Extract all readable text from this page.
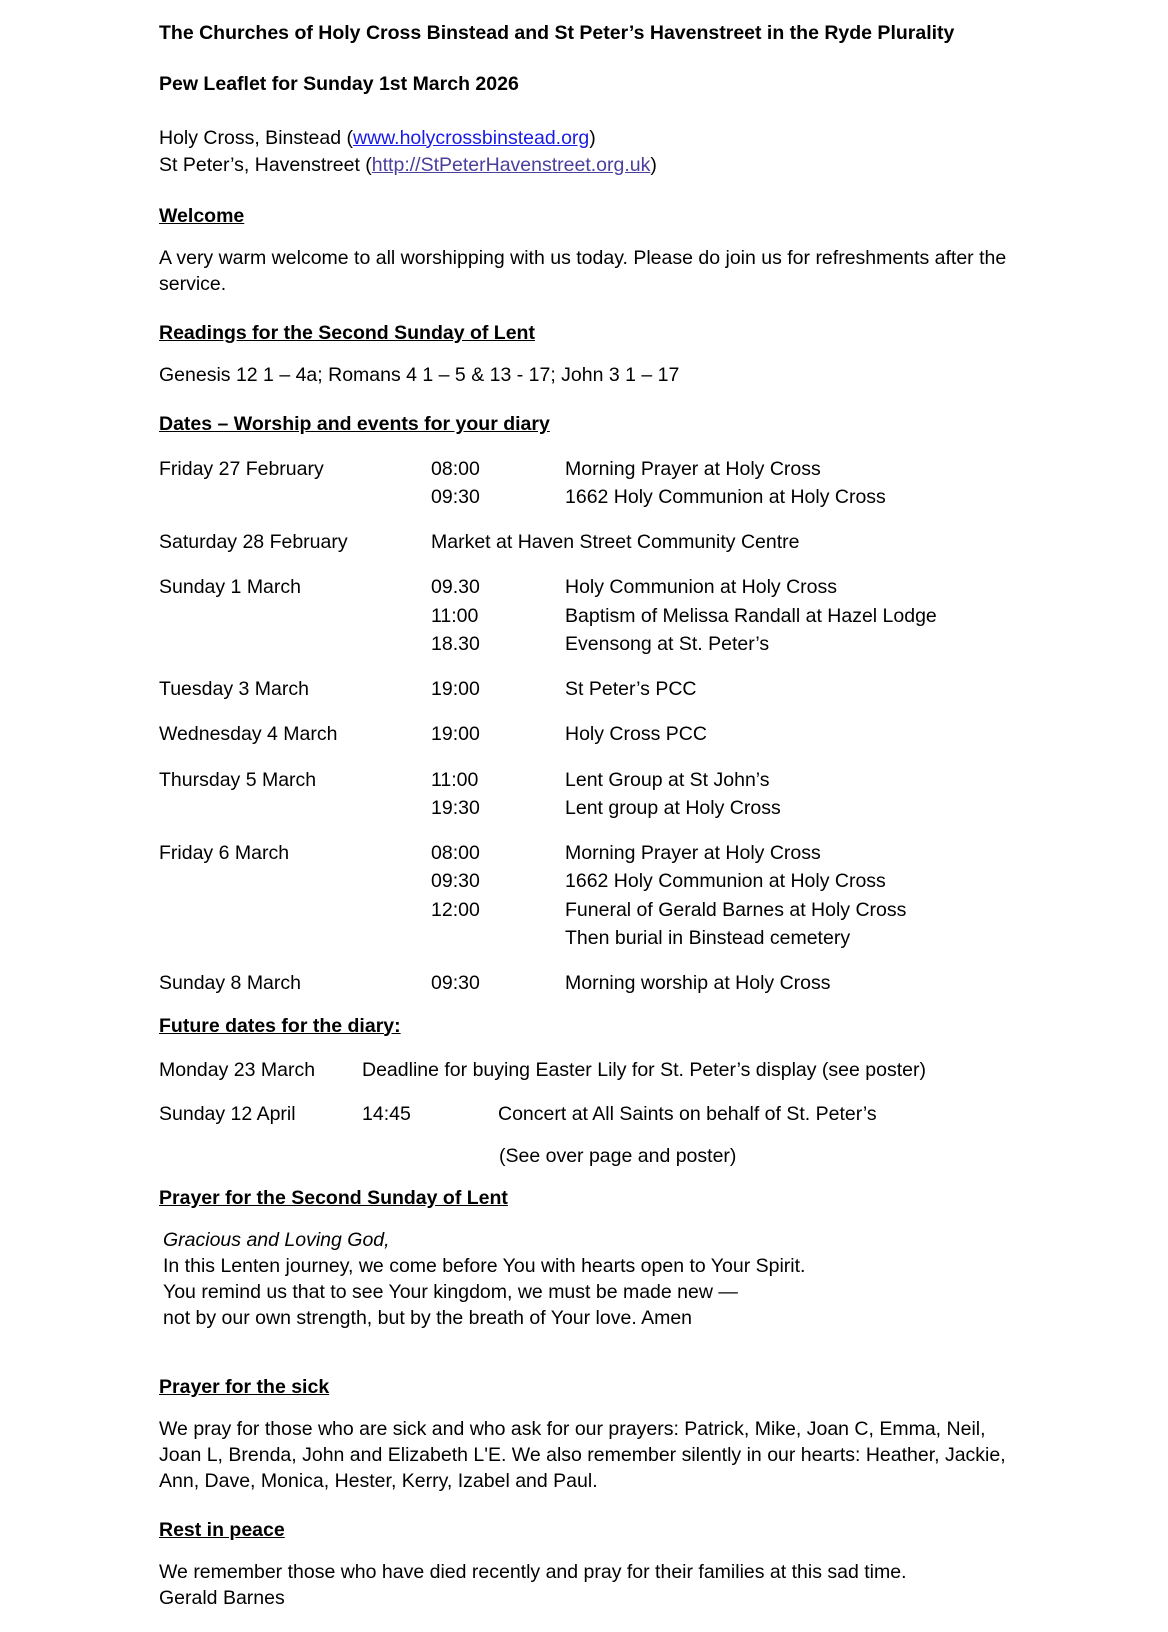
The Churches of Holy Cross Binstead and St Peter’s Havenstreet in the Ryde Plurality
Pew Leaflet for Sunday 1st March 2026
Holy Cross, Binstead (www.holycrossbinstead.org)
St Peter’s, Havenstreet (http://StPeterHavenstreet.org.uk)
Welcome

A very warm welcome to all worshipping with us today. Please do join us for refreshments after the service.

Readings for the Second Sunday of Lent

Genesis 12 1 – 4a; Romans 4 1 – 5 & 13 - 17; John 3 1 – 17

Dates – Worship and events for your diary
Friday 27 February	08:00	Morning Prayer at Holy Cross
09:30	1662 Holy Communion at Holy Cross
Saturday 28 February	Market at Haven Street Community Centre
Sunday 1 March	09.30	Holy Communion at Holy Cross
11:00	Baptism of Melissa Randall at Hazel Lodge
18.30	Evensong at St. Peter’s
Tuesday 3 March	19:00	St Peter’s PCC
Wednesday 4 March	19:00	Holy Cross PCC
Thursday 5 March	11:00	Lent Group at St John’s
19:30	Lent group at Holy Cross
Friday 6 March	08:00	Morning Prayer at Holy Cross
09:30	1662 Holy Communion at Holy Cross
12:00	Funeral of Gerald Barnes at Holy Cross
Then burial in Binstead cemetery
Sunday 8 March	09:30	Morning worship at Holy Cross
Future dates for the diary:
Monday 23 March	Deadline for buying Easter Lily for St. Peter’s display (see poster)
Sunday 12 April	14:45	Concert at All Saints on behalf of St. Peter’s
(See over page and poster)
Prayer for the Second Sunday of Lent
Gracious and Loving God,
In this Lenten journey, we come before You with hearts open to Your Spirit.
You remind us that to see Your kingdom, we must be made new —
not by our own strength, but by the breath of Your love. Amen
Prayer for the sick

We pray for those who are sick and who ask for our prayers: Patrick, Mike, Joan C, Emma, Neil, Joan L, Brenda, John and Elizabeth L'E. We also remember silently in our hearts: Heather, Jackie, Ann, Dave, Monica, Hester, Kerry, Izabel and Paul.

Rest in peace
We remember those who have died recently and pray for their families at this sad time.
Gerald Barnes
